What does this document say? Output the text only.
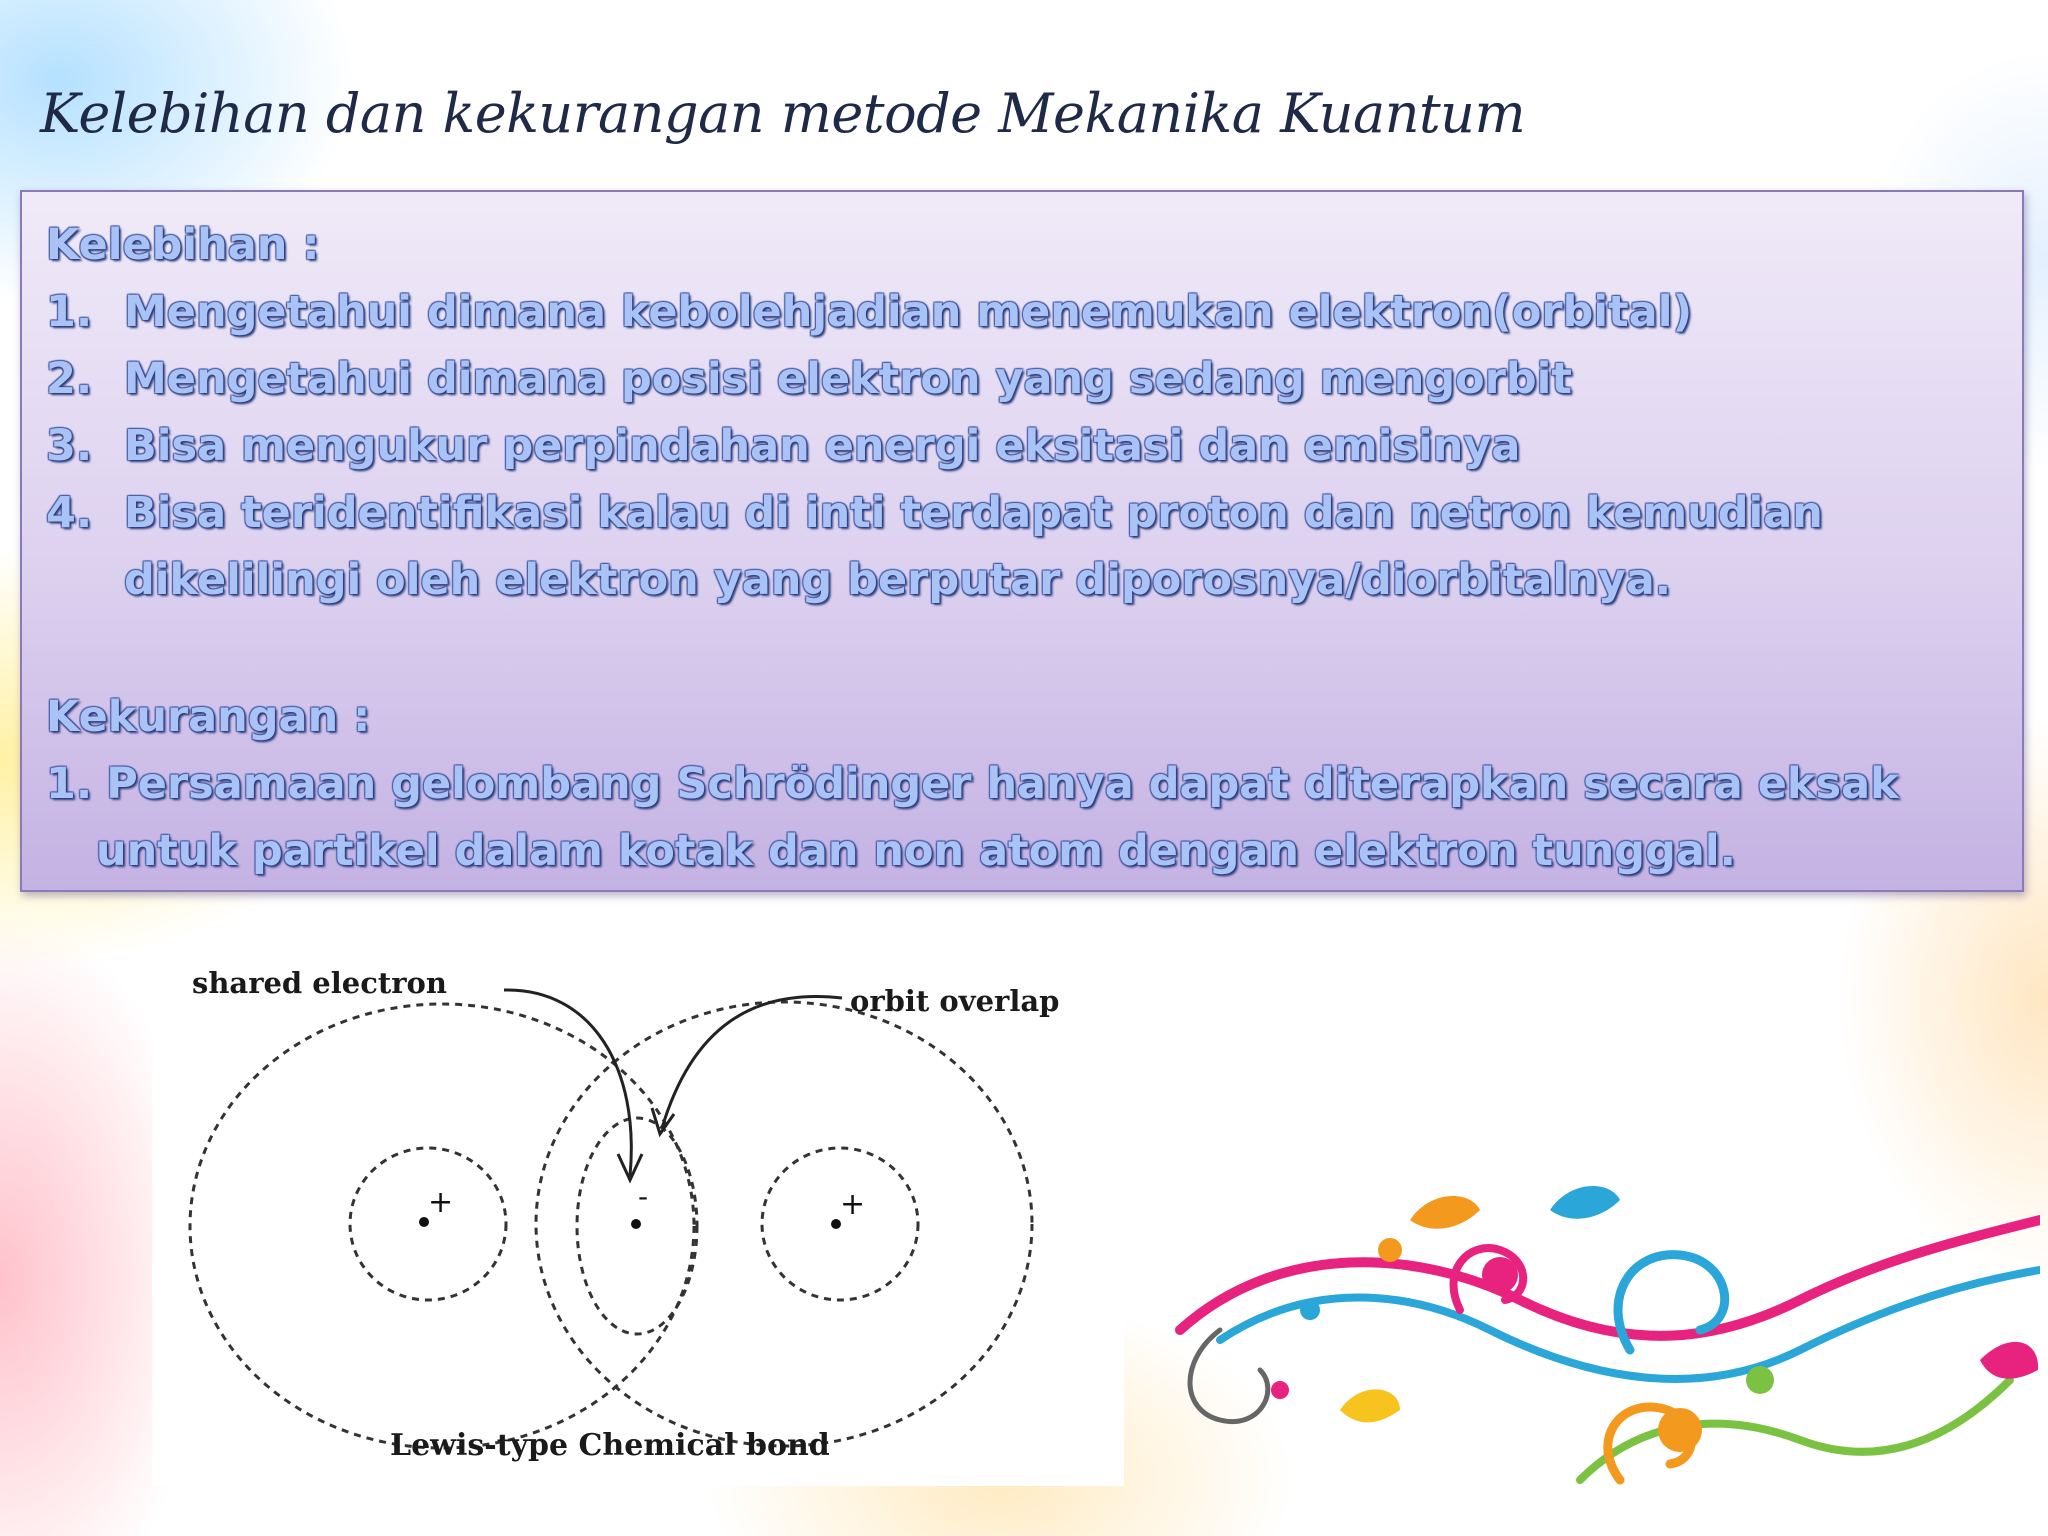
Kelebihan dan kekurangan metode Mekanika Kuantum
Kelebihan :
1. Mengetahui dimana kebolehjadian menemukan elektron(orbital)
2. Mengetahui dimana posisi elektron yang sedang mengorbit
3. Bisa mengukur perpindahan energi eksitasi dan emisinya
4. Bisa teridentifikasi kalau di inti terdapat proton dan netron kemudian
dikelilingi oleh elektron yang berputar diporosnya/diorbitalnya.
Kekurangan :
1. Persamaan gelombang Schrödinger hanya dapat diterapkan secara eksak
untuk partikel dalam kotak dan non atom dengan elektron tunggal.
+	+
-
shared electron
orbit overlap
Lewis-type Chemical bond
